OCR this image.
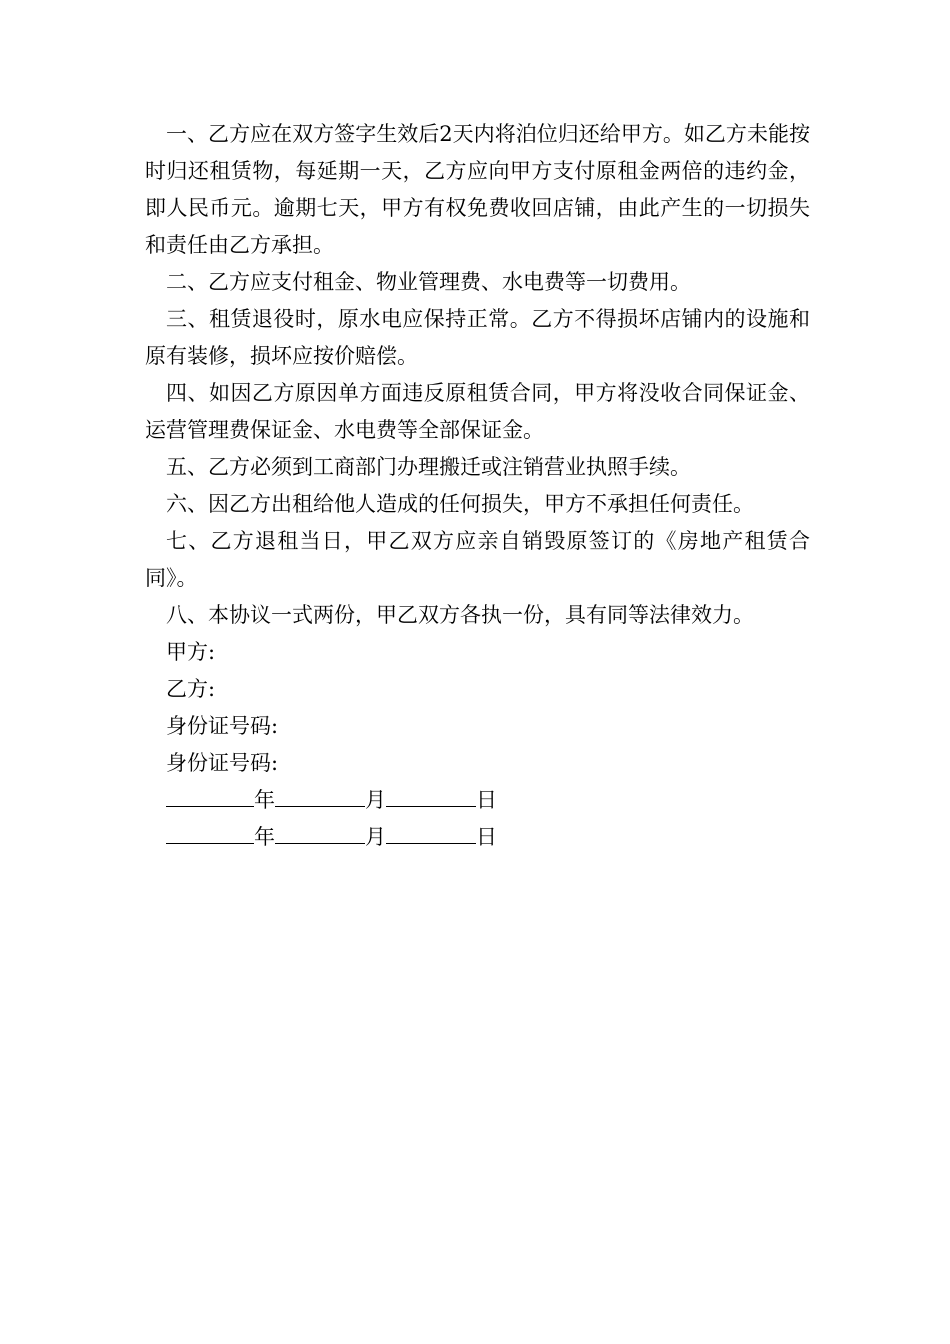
一、乙方应在双方签字生效后2天内将泊位归还给甲方。如乙方未能按时归还租赁物，每延期一天，乙方应向甲方支付原租金两倍的违约金，即人民币元。逾期七天，甲方有权免费收回店铺，由此产生的一切损失和责任由乙方承担。

二、乙方应支付租金、物业管理费、水电费等一切费用。

三、租赁退役时，原水电应保持正常。乙方不得损坏店铺内的设施和原有装修，损坏应按价赔偿。

四、如因乙方原因单方面违反原租赁合同，甲方将没收合同保证金、运营管理费保证金、水电费等全部保证金。

五、乙方必须到工商部门办理搬迁或注销营业执照手续。

六、因乙方出租给他人造成的任何损失，甲方不承担任何责任。

七、乙方退租当日，甲乙双方应亲自销毁原签订的《房地产租赁合同》。

八、本协议一式两份，甲乙双方各执一份，具有同等法律效力。

甲方:

乙方:

身份证号码:

身份证号码:

年	月	日

年	月	日
